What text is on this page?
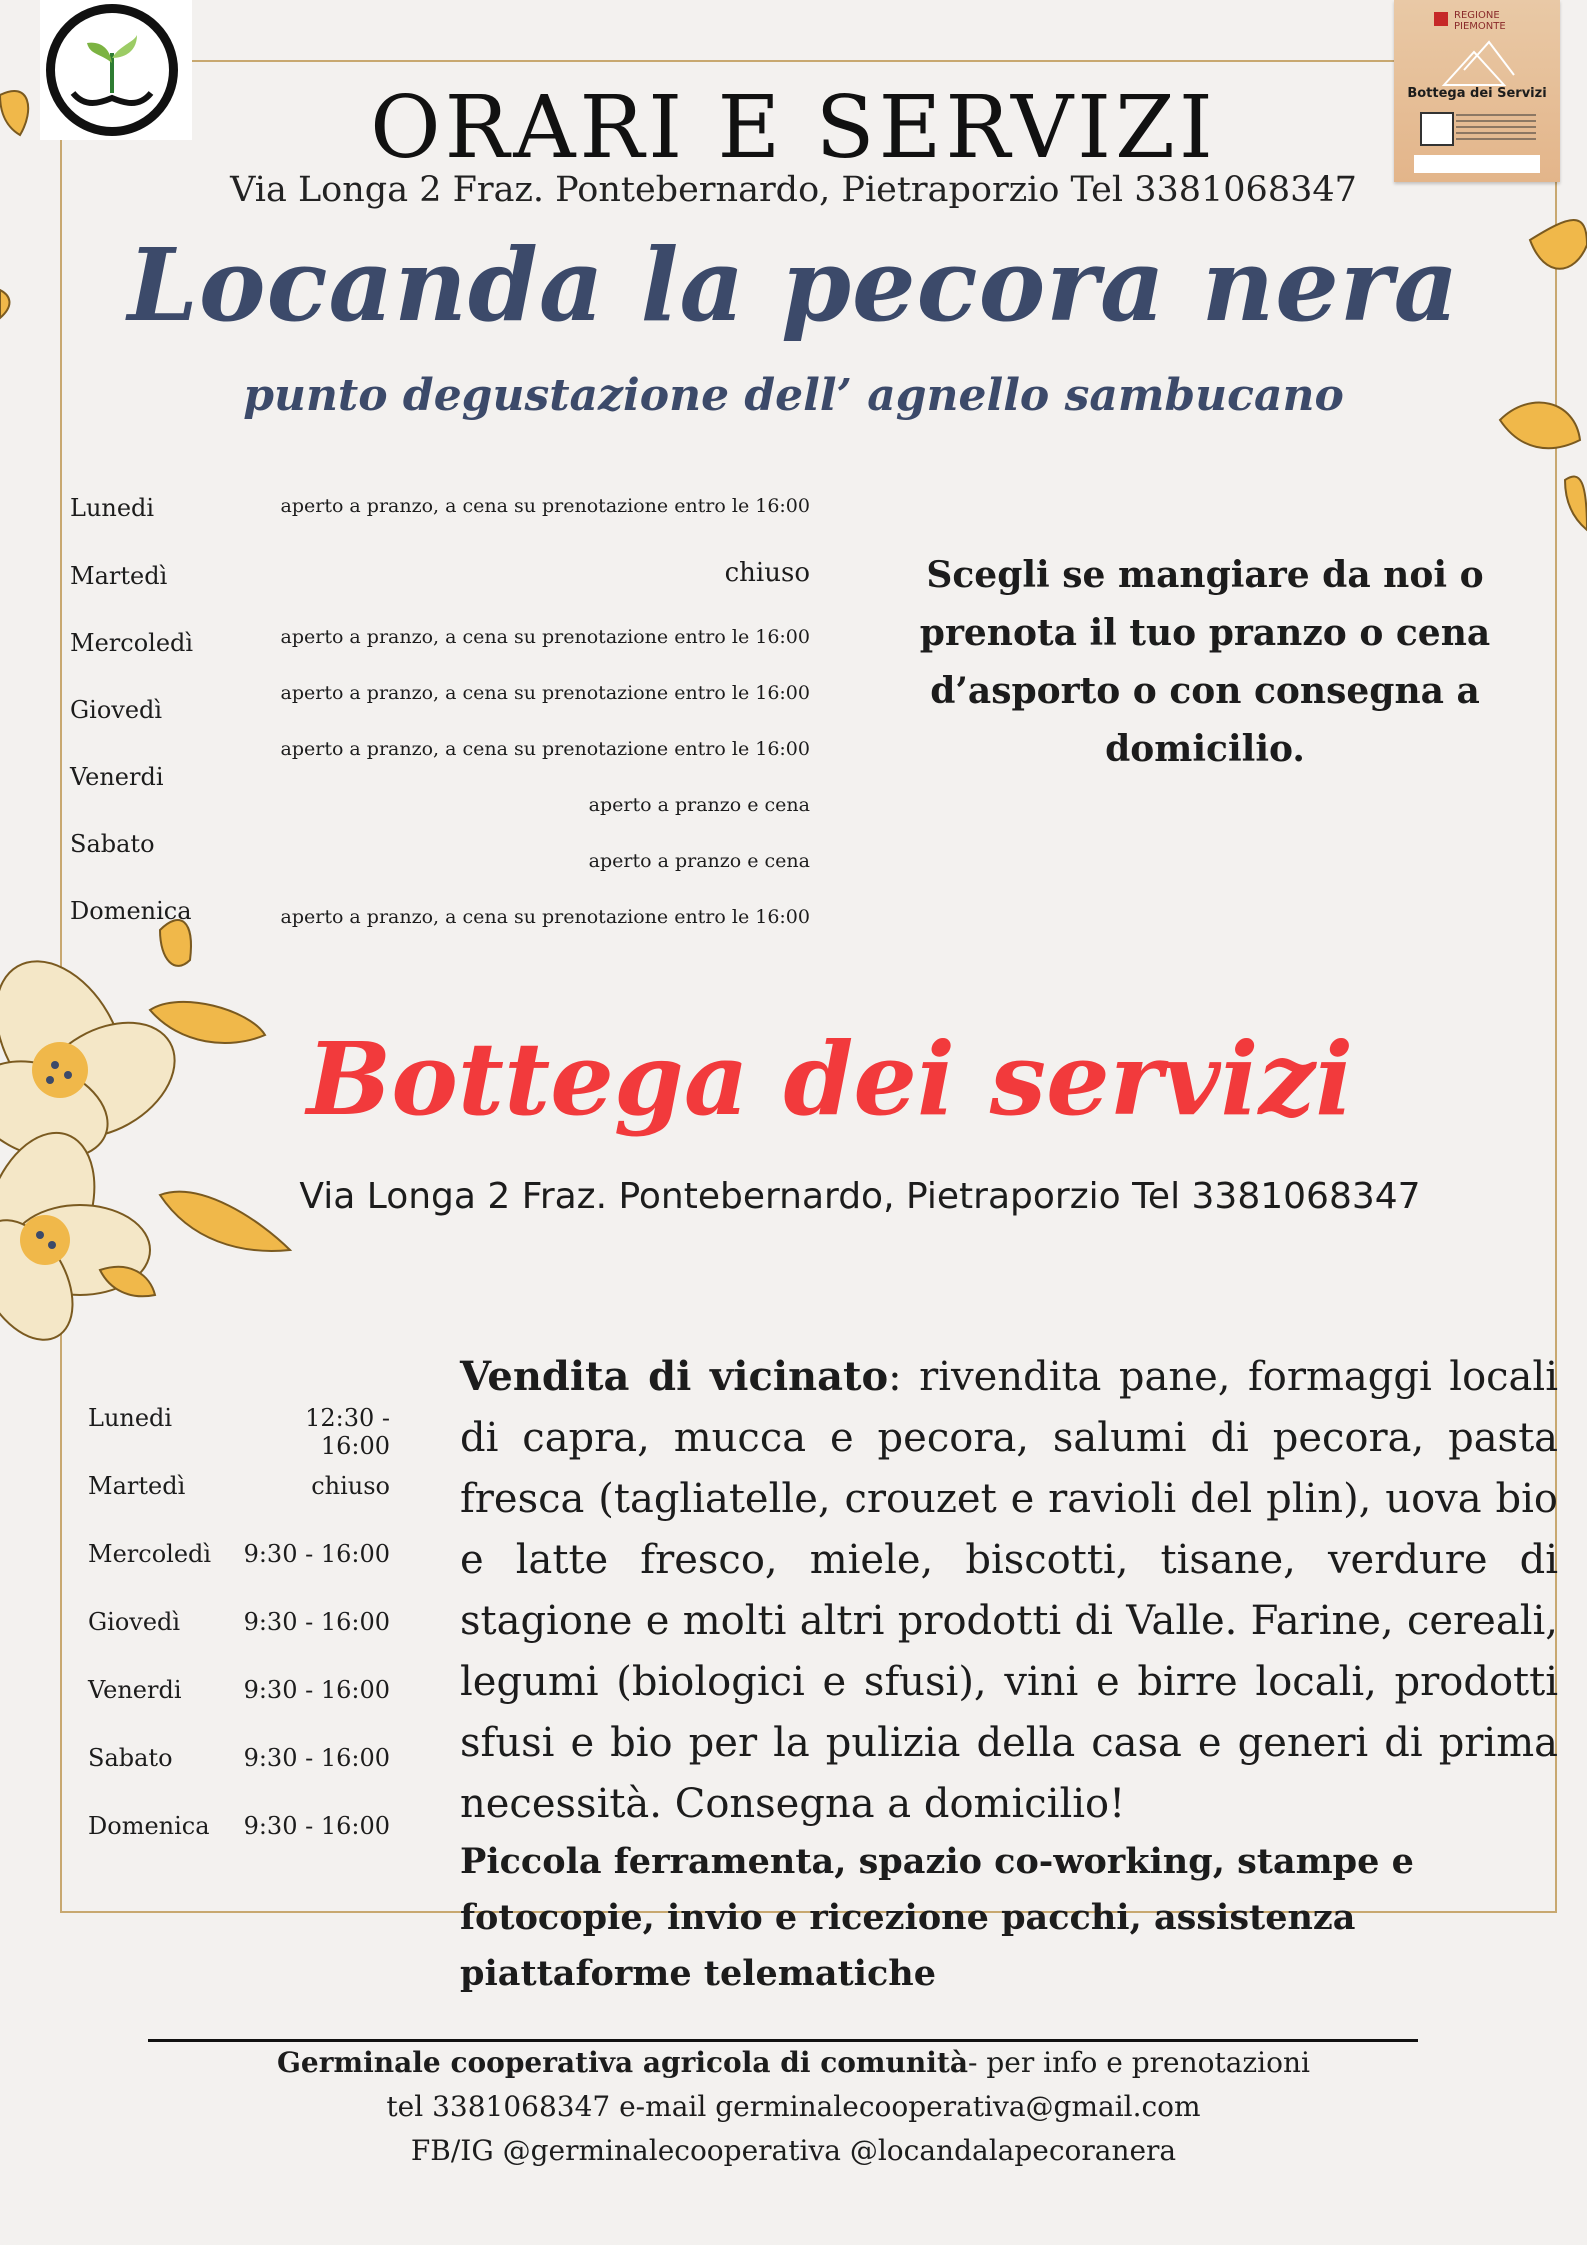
REGIONE PIEMONTE
Bottega dei Servizi
ORARI E SERVIZI
Via Longa 2 Fraz. Pontebernardo, Pietraporzio Tel 3381068347
Locanda la pecora nera
punto degustazione dell’ agnello sambucano
Lunedi
Martedì
Mercoledì
Giovedì
Venerdi
Sabato
Domenica
aperto a pranzo, a cena su prenotazione entro le 16:00
chiuso
aperto a pranzo, a cena su prenotazione entro le 16:00
aperto a pranzo, a cena su prenotazione entro le 16:00
aperto a pranzo, a cena su prenotazione entro le 16:00
aperto a pranzo e cena
aperto a pranzo e cena
aperto a pranzo, a cena su prenotazione entro le 16:00
Scegli se mangiare da noi o prenota il tuo pranzo o cena d’asporto o con consegna a domicilio.
Bottega dei servizi
Via Longa 2 Fraz. Pontebernardo, Pietraporzio Tel 3381068347
Lunedi
Martedì
Mercoledì
Giovedì
Venerdi
Sabato
Domenica
12:30 - 16:00
chiuso
9:30 - 16:00
9:30 - 16:00
9:30 - 16:00
9:30 - 16:00
9:30 - 16:00
Vendita di vicinato: rivendita pane, formaggi locali di capra, mucca e pecora, salumi di pecora, pasta fresca (tagliatelle, crouzet e ravioli del plin), uova bio e latte fresco, miele, biscotti, tisane, verdure di stagione e molti altri prodotti di Valle. Farine, cereali, legumi (biologici e sfusi), vini e birre locali, prodotti sfusi e bio per la pulizia della casa e generi di prima necessità. Consegna a domicilio!
Piccola ferramenta, spazio co-working, stampe e fotocopie, invio e ricezione pacchi, assistenza piattaforme telematiche
Germinale cooperativa agricola di comunità- per info e prenotazioni
tel 3381068347 e-mail germinalecooperativa@gmail.com
FB/IG @germinalecooperativa @locandalapecoranera
